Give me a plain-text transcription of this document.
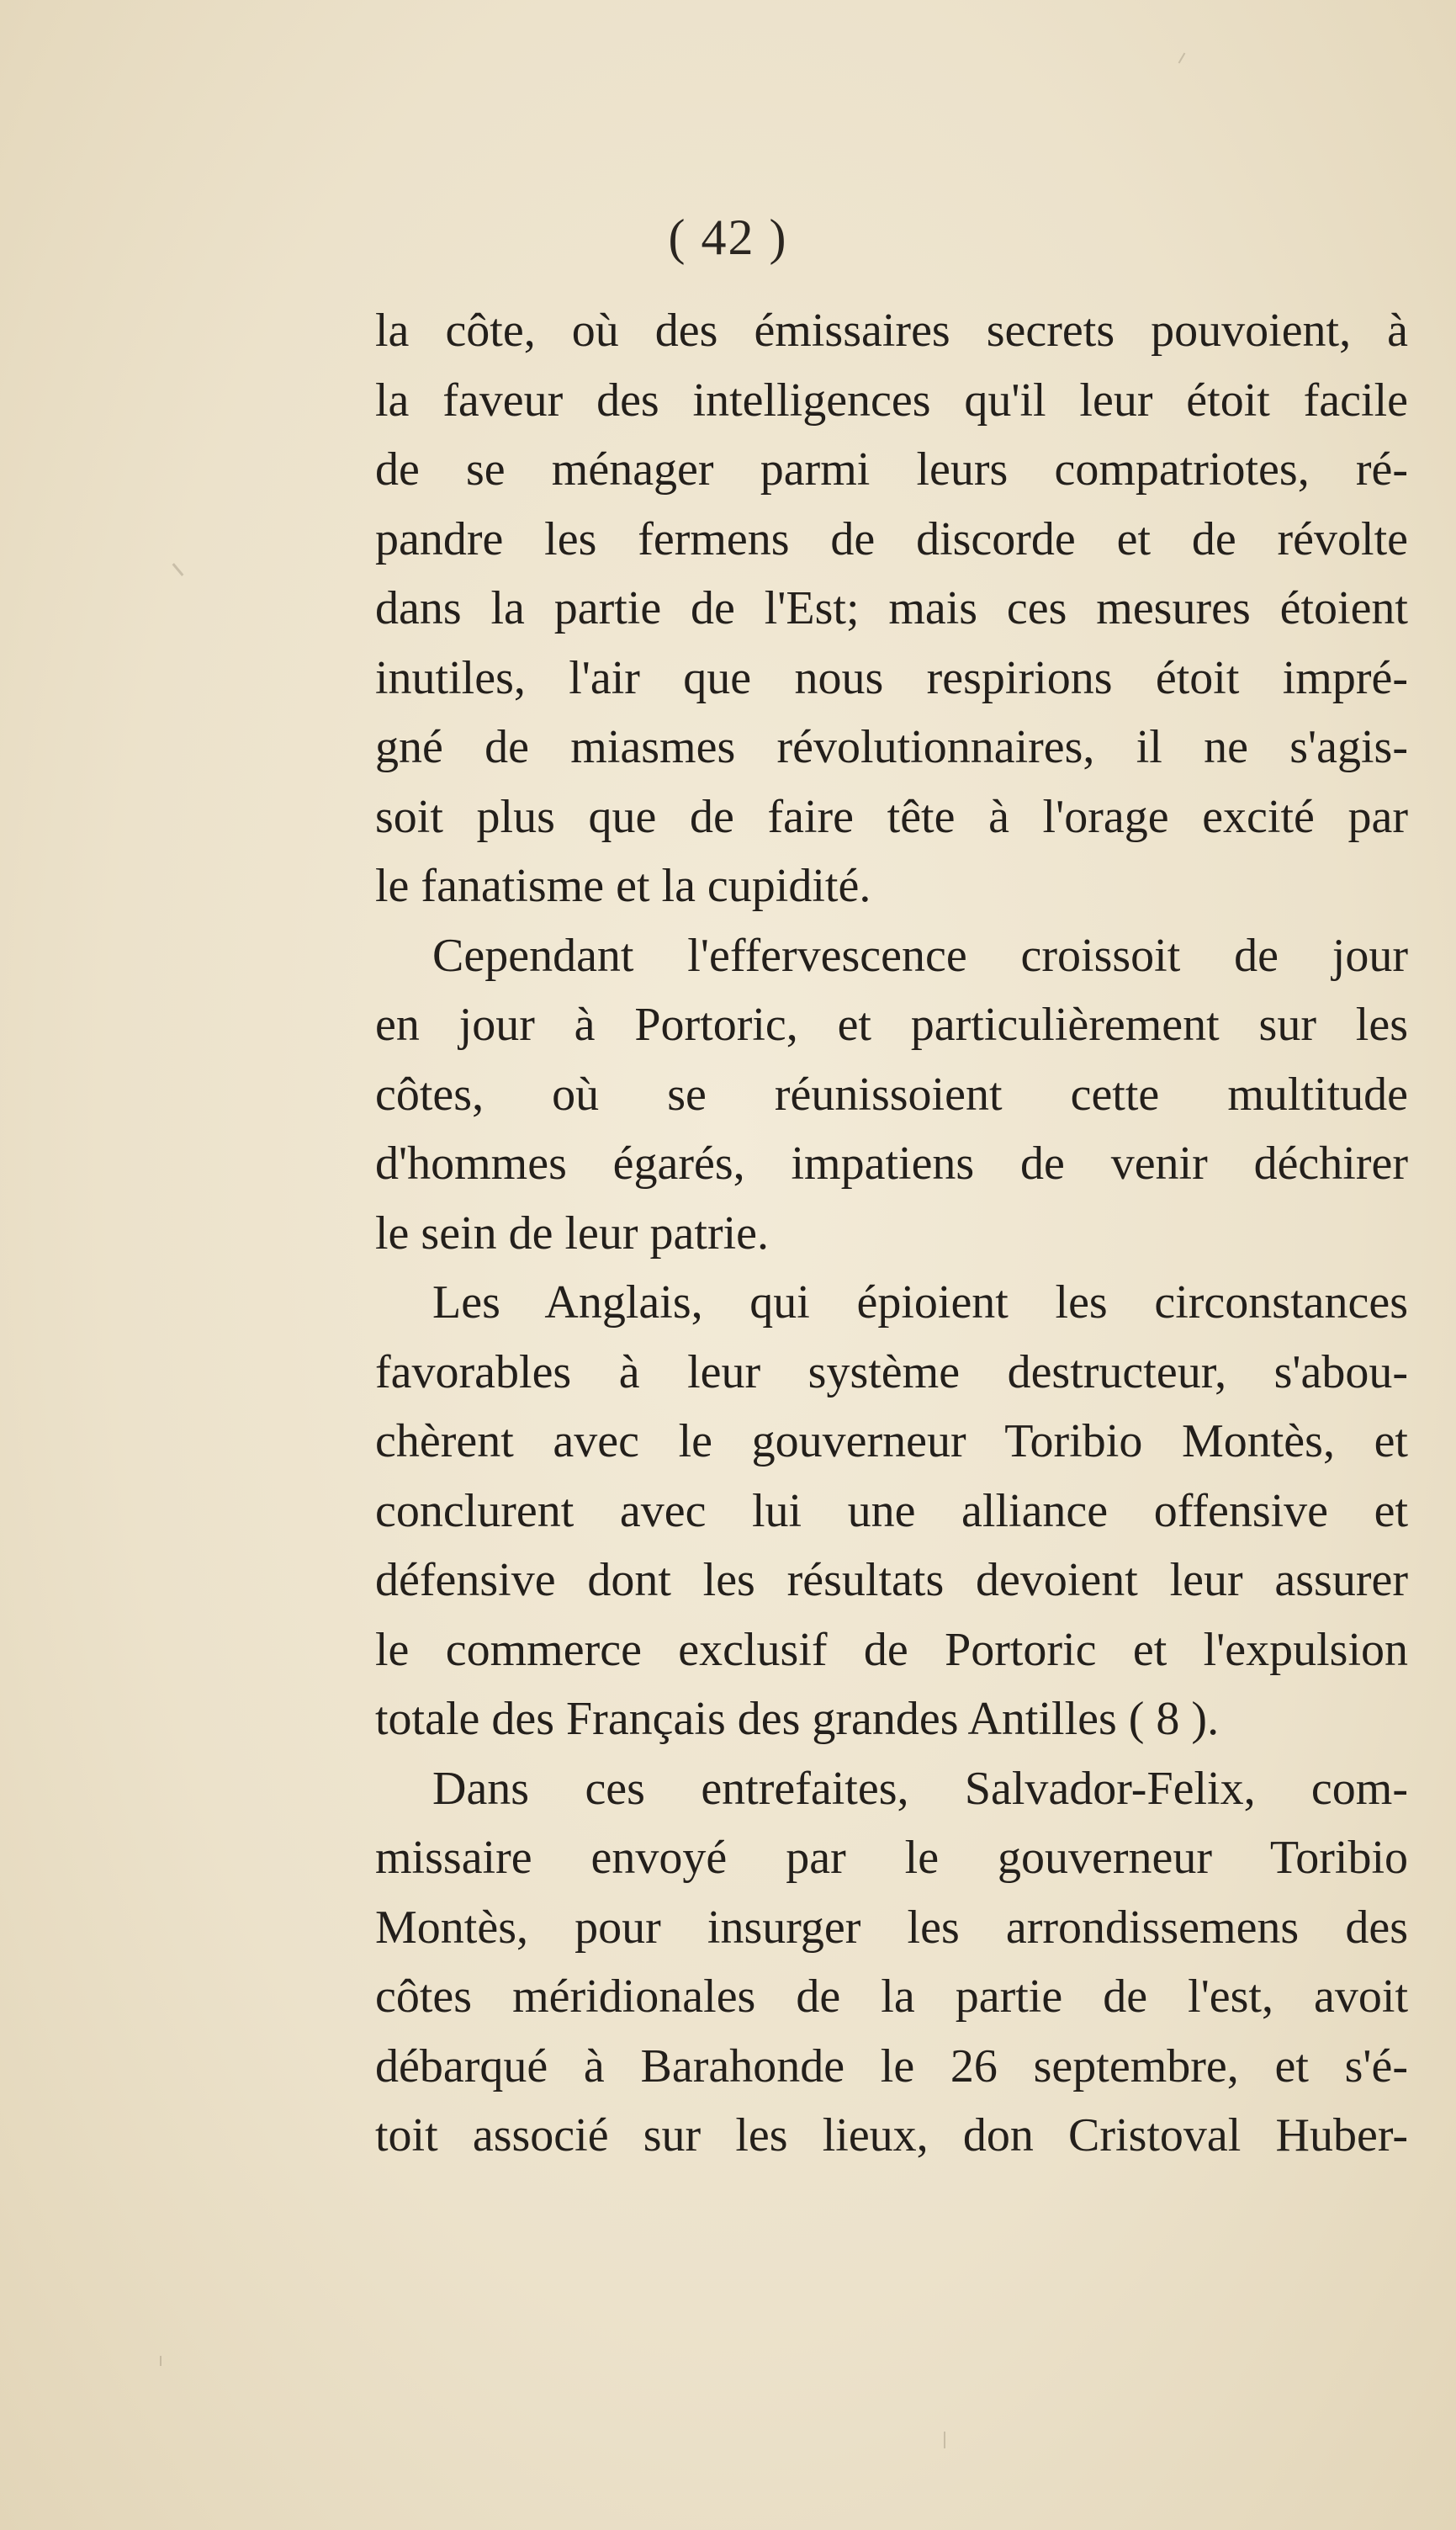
( 42 )
la côte, où des émissaires secrets pouvoient, à
la faveur des intelligences qu'il leur étoit facile
de se ménager parmi leurs compatriotes, ré-
pandre les fermens de discorde et de révolte
dans la partie de l'Est; mais ces mesures étoient
inutiles, l'air que nous respirions étoit impré-
gné de miasmes révolutionnaires, il ne s'agis-
soit plus que de faire tête à l'orage excité par
le fanatisme et la cupidité.
Cependant l'effervescence croissoit de jour
en jour à Portoric, et particulièrement sur les
côtes, où se réunissoient cette multitude
d'hommes égarés, impatiens de venir déchirer
le sein de leur patrie.
Les Anglais, qui épioient les circonstances
favorables à leur système destructeur, s'abou-
chèrent avec le gouverneur Toribio Montès, et
conclurent avec lui une alliance offensive et
défensive dont les résultats devoient leur assurer
le commerce exclusif de Portoric et l'expulsion
totale des Français des grandes Antilles ( 8 ).
Dans ces entrefaites, Salvador-Felix, com-
missaire envoyé par le gouverneur Toribio
Montès, pour insurger les arrondissemens des
côtes méridionales de la partie de l'est, avoit
débarqué à Barahonde le 26 septembre, et s'é-
toit associé sur les lieux, don Cristoval Huber-
